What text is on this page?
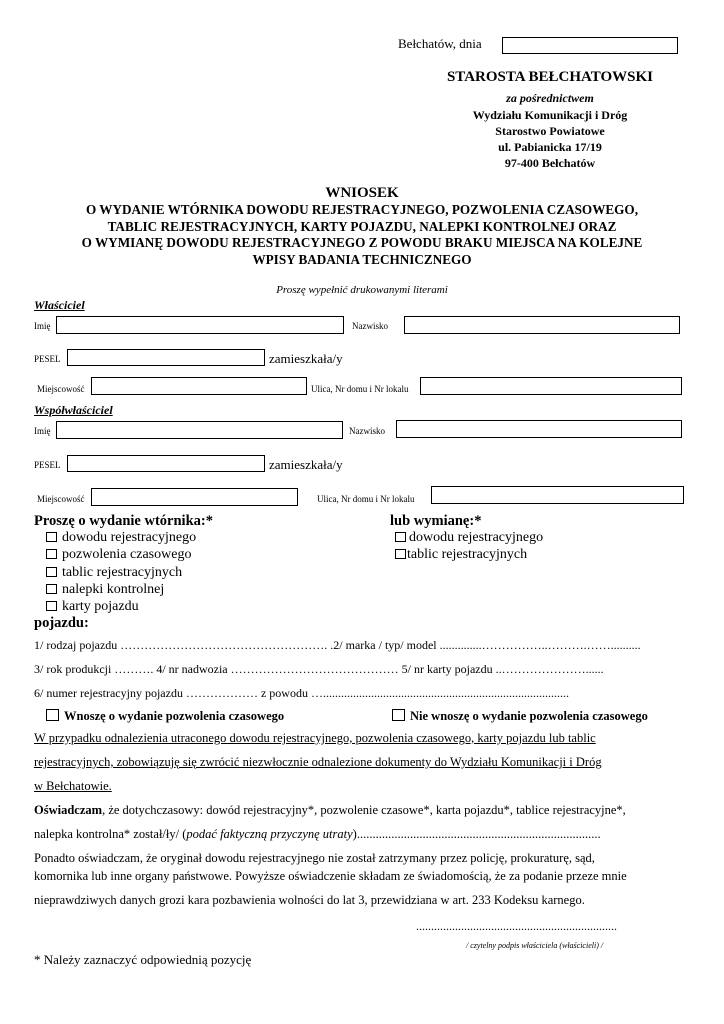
Bełchatów, dnia
STAROSTA BEŁCHATOWSKI
za pośrednictwem
Wydziału Komunikacji i Dróg
Starostwo Powiatowe
ul. Pabianicka 17/19
97-400 Bełchatów
WNIOSEK
O WYDANIE WTÓRNIKA DOWODU REJESTRACYJNEGO, POZWOLENIA CZASOWEGO,
TABLIC REJESTRACYJNYCH, KARTY POJAZDU, NALEPKI KONTROLNEJ ORAZ
O WYMIANĘ DOWODU REJESTRACYJNEGO Z POWODU BRAKU MIEJSCA NA KOLEJNE
WPISY BADANIA TECHNICZNEGO
Proszę wypełnić drukowanymi literami
Właściciel
Imię	Nazwisko
PESEL	zamieszkała/y
Miejscowość	Ulica, Nr domu i Nr lokalu
Współwłaściciel
Imię	Nazwisko
PESEL	zamieszkała/y
Miejscowość	Ulica, Nr domu i Nr lokalu
Proszę o wydanie wtórnika:*
dowodu rejestracyjnego
pozwolenia czasowego
tablic rejestracyjnych
nalepki kontrolnej
karty pojazdu
lub wymianę:*
dowodu rejestracyjnego
tablic rejestracyjnych
pojazdu:
1/ rodzaj pojazdu ……………………………………………. .2/ marka / typ/ model ..............……………..……….……..........
3/ rok produkcji ………. 4/ nr nadwozia …………………………………… 5/ nr karty pojazdu ..…………………......
6/ numer rejestracyjny pojazdu ……………… z powodu …..................................................................................
Wnoszę o wydanie pozwolenia czasowego	Nie wnoszę o wydanie pozwolenia czasowego
W przypadku odnalezienia utraconego dowodu rejestracyjnego, pozwolenia czasowego, karty pojazdu lub tablic
rejestracyjnych, zobowiązuję się zwrócić niezwłocznie odnalezione dokumenty do Wydziału Komunikacji i Dróg
w Bełchatowie.
Oświadczam, że dotychczasowy: dowód rejestracyjny*, pozwolenie czasowe*, karta pojazdu*, tablice rejestracyjne*,
nalepka kontrolna* został/ły/ (podać faktyczną przyczynę utraty)..............................................................................
Ponadto oświadczam, że oryginał dowodu rejestracyjnego nie został zatrzymany przez policję, prokuraturę, sąd,
komornika lub inne organy państwowe. Powyższe oświadczenie składam ze świadomością, że za podanie przeze mnie
nieprawdziwych danych grozi kara pozbawienia wolności do lat 3, przewidziana w art. 233 Kodeksu karnego.
...................................................................
/ czytelny podpis właściciela (właścicieli) /
* Należy zaznaczyć odpowiednią pozycję
